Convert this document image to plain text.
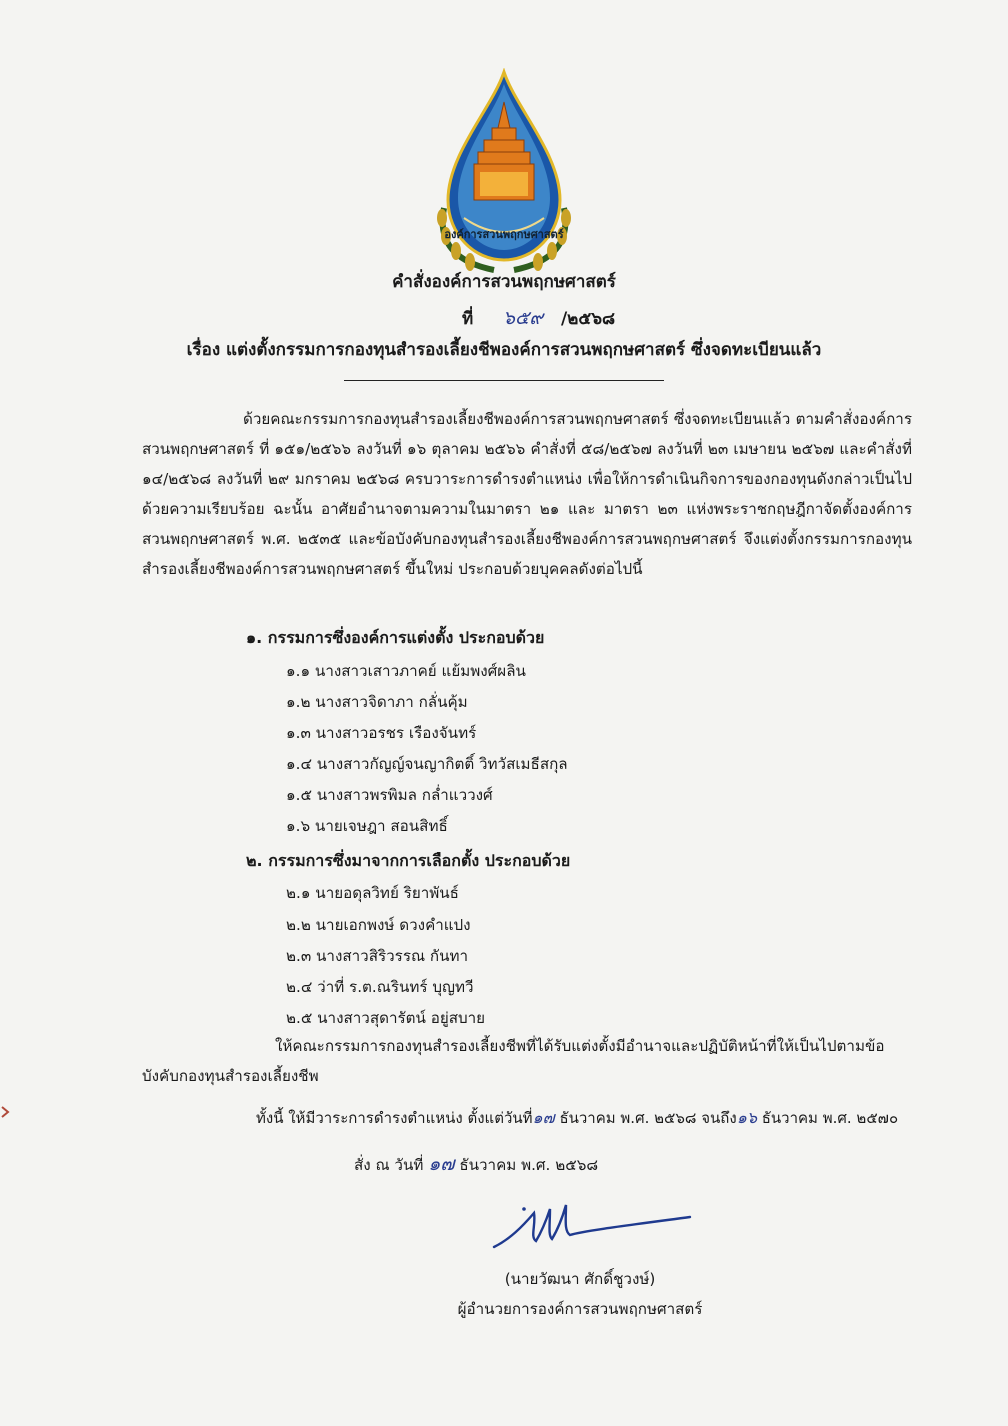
องค์การสวนพฤกษศาสตร์
คำสั่งองค์การสวนพฤกษศาสตร์
ที่ ๖๕๙ /๒๕๖๘
เรื่อง แต่งตั้งกรรมการกองทุนสำรองเลี้ยงชีพองค์การสวนพฤกษศาสตร์ ซึ่งจดทะเบียนแล้ว
ด้วยคณะกรรมการกองทุนสำรองเลี้ยงชีพองค์การสวนพฤกษศาสตร์ ซึ่งจดทะเบียนแล้ว ตามคำสั่งองค์การสวนพฤกษศาสตร์ ที่ ๑๕๑/๒๕๖๖ ลงวันที่ ๑๖ ตุลาคม ๒๕๖๖ คำสั่งที่ ๕๘/๒๕๖๗ ลงวันที่ ๒๓ เมษายน ๒๕๖๗ และคำสั่งที่ ๑๔/๒๕๖๘ ลงวันที่ ๒๙ มกราคม ๒๕๖๘ ครบวาระการดำรงตำแหน่ง เพื่อให้การดำเนินกิจการของกองทุนดังกล่าวเป็นไปด้วยความเรียบร้อย ฉะนั้น อาศัยอำนาจตามความในมาตรา ๒๑ และ มาตรา ๒๓ แห่งพระราชกฤษฎีกาจัดตั้งองค์การสวนพฤกษศาสตร์ พ.ศ. ๒๕๓๕ และข้อบังคับกองทุนสำรองเลี้ยงชีพองค์การสวนพฤกษศาสตร์ จึงแต่งตั้งกรรมการกองทุนสำรองเลี้ยงชีพองค์การสวนพฤกษศาสตร์ ขึ้นใหม่ ประกอบด้วยบุคคลดังต่อไปนี้
๑. กรรมการซึ่งองค์การแต่งตั้ง ประกอบด้วย
๑.๑ นางสาวเสาวภาคย์ แย้มพงศ์ผลิน
๑.๒ นางสาวจิดาภา กลั่นคุ้ม
๑.๓ นางสาวอรชร เรืองจันทร์
๑.๔ นางสาวกัญญ์จนญากิตติ์ วิทวัสเมธีสกุล
๑.๕ นางสาวพรพิมล กล่ำแววงศ์
๑.๖ นายเจษฎา สอนสิทธิ์
๒. กรรมการซึ่งมาจากการเลือกตั้ง ประกอบด้วย
๒.๑ นายอดุลวิทย์ ริยาพันธ์
๒.๒ นายเอกพงษ์ ดวงคำแปง
๒.๓ นางสาวสิริวรรณ กันทา
๒.๔ ว่าที่ ร.ต.ณรินทร์ บุญทวี
๒.๕ นางสาวสุดารัตน์ อยู่สบาย
ให้คณะกรรมการกองทุนสำรองเลี้ยงชีพที่ได้รับแต่งตั้งมีอำนาจและปฏิบัติหน้าที่ให้เป็นไปตามข้อบังคับกองทุนสำรองเลี้ยงชีพ
ทั้งนี้ ให้มีวาระการดำรงตำแหน่ง ตั้งแต่วันที่๑๗ ธันวาคม พ.ศ. ๒๕๖๘ จนถึง๑๖ ธันวาคม พ.ศ. ๒๕๗๐
สั่ง ณ วันที่ ๑๗ ธันวาคม พ.ศ. ๒๕๖๘
(นายวัฒนา ศักดิ์ชูวงษ์)
ผู้อำนวยการองค์การสวนพฤกษศาสตร์
